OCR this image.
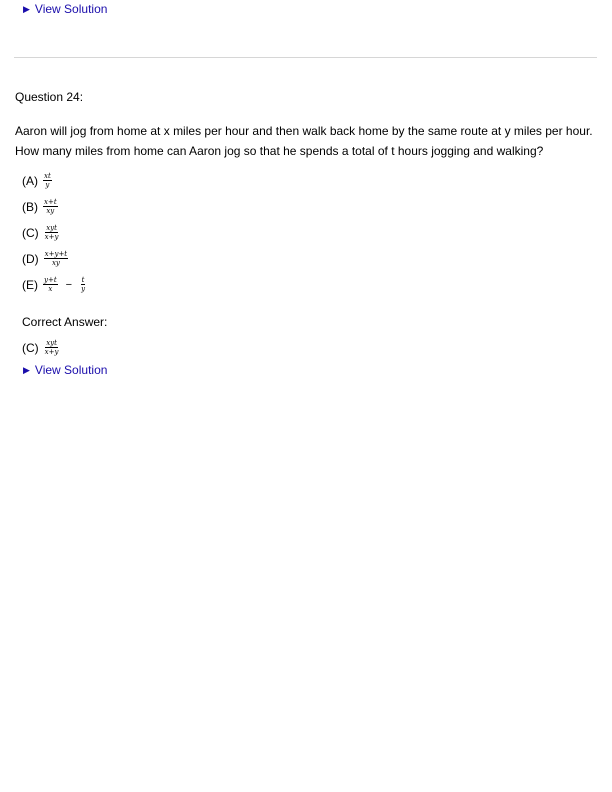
▶ View Solution
Question 24:
Aaron will jog from home at x miles per hour and then walk back home by the same route at y miles per hour. How many miles from home can Aaron jog so that he spends a total of t hours jogging and walking?
$(A) \frac{xt}{y}$
$(B) \frac{x+t}{xy}$
$(C) \frac{\text{xyt}}{x+y}$
$(D) \frac{x+y+t}{xy}$
$(E) \frac{y+t}{x} - \frac{t}{y}$
Correct Answer:
$(C) \frac{\text{xyt}}{x+y}$
▶ View Solution
